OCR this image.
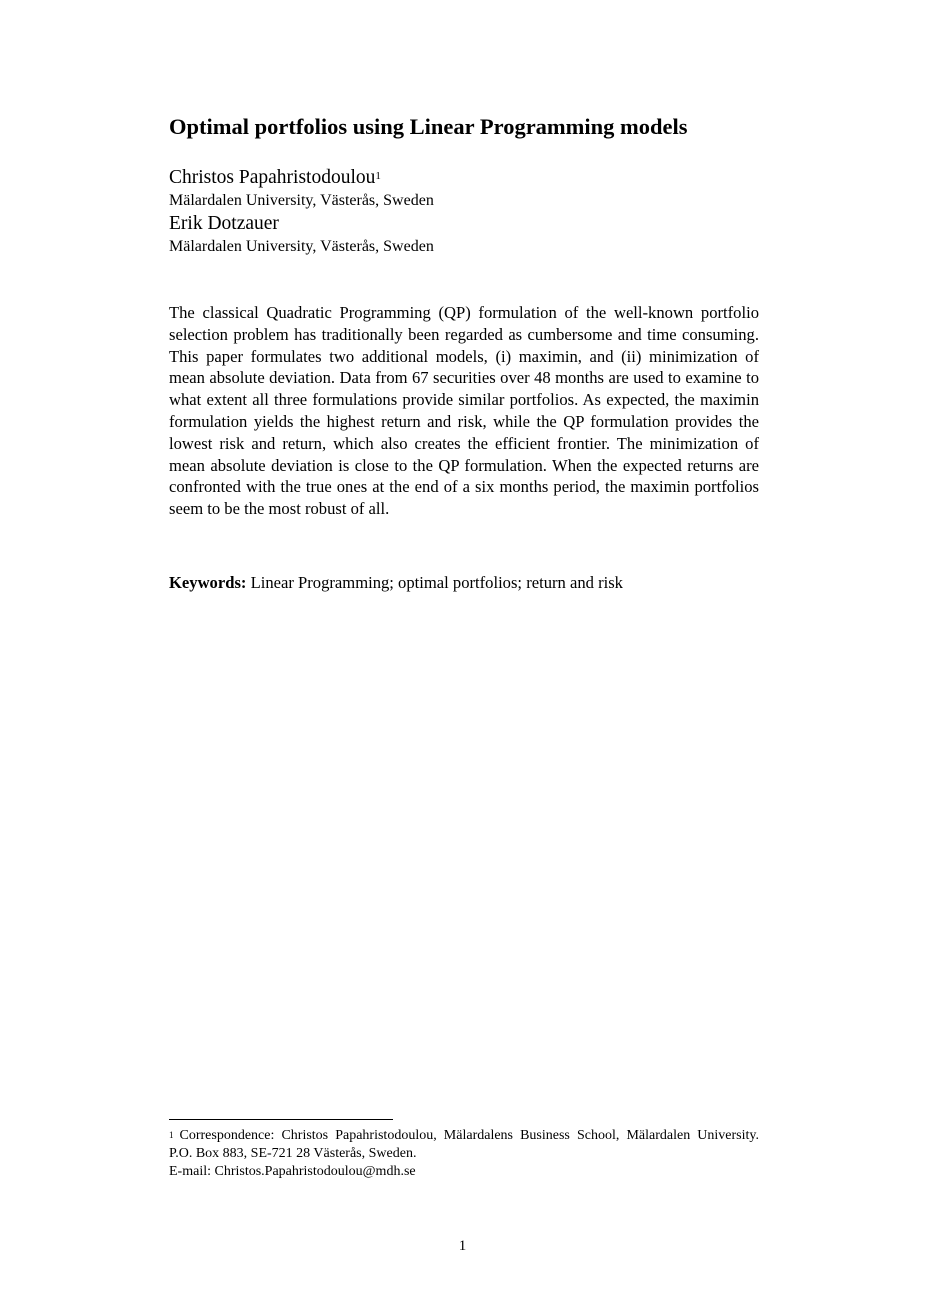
Optimal portfolios using Linear Programming models
Christos Papahristodoulou$^1$
Mälardalen University, Västerås, Sweden
Erik Dotzauer
Mälardalen University, Västerås, Sweden

The classical Quadratic Programming (QP) formulation of the well-known portfolio selection problem has traditionally been regarded as cumbersome and time consuming. This paper formulates two additional models, (i) maximin, and (ii) minimization of mean absolute deviation. Data from 67 securities over 48 months are used to examine to what extent all three formulations provide similar portfolios. As expected, the maximin formulation yields the highest return and risk, while the QP formulation provides the lowest risk and return, which also creates the efficient frontier. The minimization of mean absolute deviation is close to the QP formulation. When the expected returns are confronted with the true ones at the end of a six months period, the maximin portfolios seem to be the most robust of all.

Keywords: Linear Programming; optimal portfolios; return and risk

$^1$ Correspondence: Christos Papahristodoulou, Mälardalens Business School, Mälardalen University. P.O. Box 883, SE-721 28 Västerås, Sweden.
E-mail: Christos.Papahristodoulou@mdh.se

1
